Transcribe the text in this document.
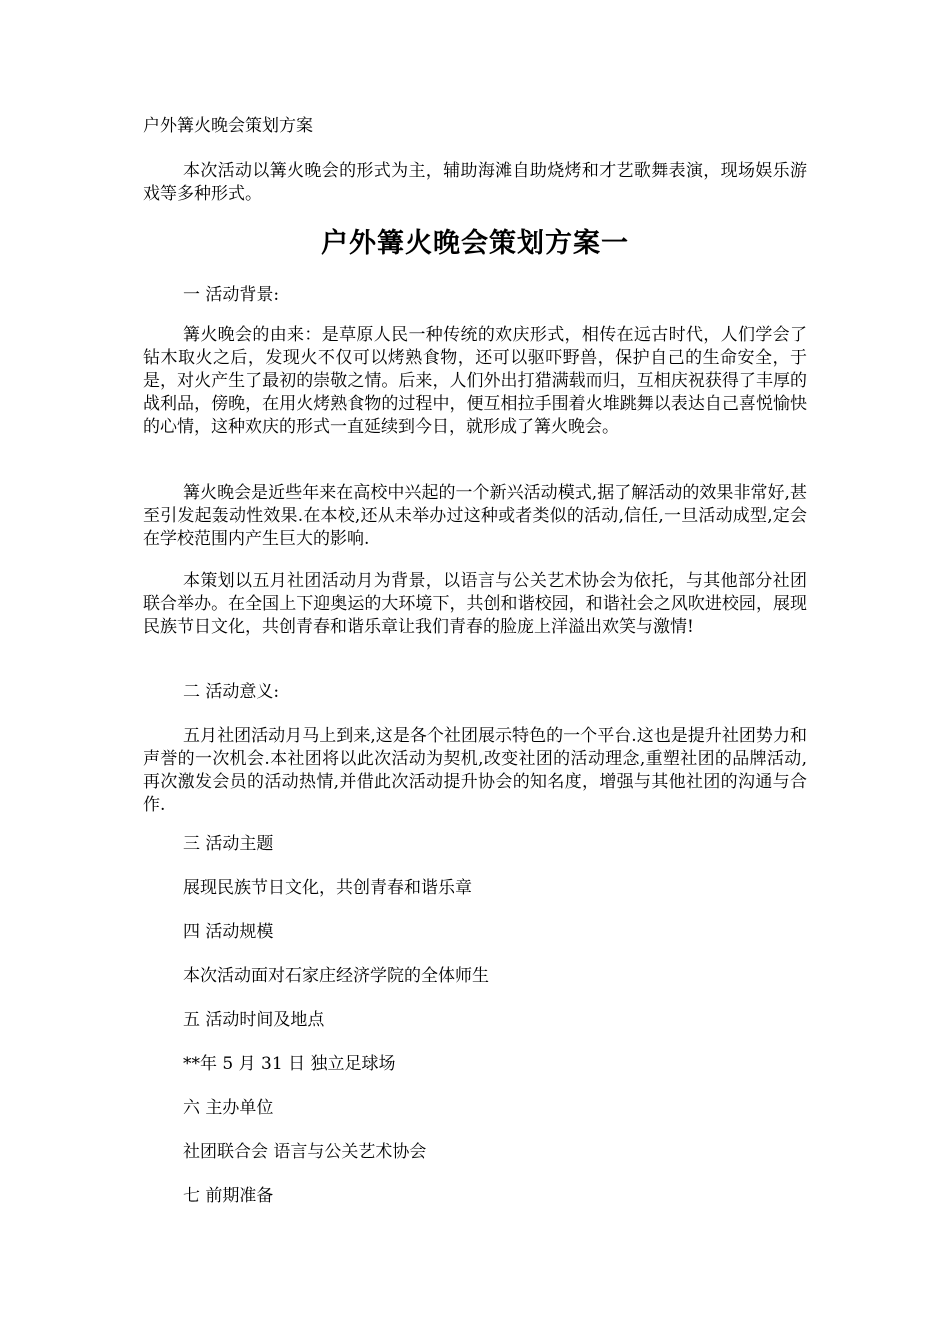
户外篝火晚会策划方案
本次活动以篝火晚会的形式为主，辅助海滩自助烧烤和才艺歌舞表演，现场娱乐游戏等多种形式。
户外篝火晚会策划方案一
一 活动背景:
篝火晚会的由来：是草原人民一种传统的欢庆形式，相传在远古时代，人们学会了钻木取火之后，发现火不仅可以烤熟食物，还可以驱吓野兽，保护自己的生命安全，于是，对火产生了最初的崇敬之情。后来，人们外出打猎满载而归，互相庆祝获得了丰厚的战利品，傍晚，在用火烤熟食物的过程中，便互相拉手围着火堆跳舞以表达自己喜悦愉快的心情，这种欢庆的形式一直延续到今日，就形成了篝火晚会。
篝火晚会是近些年来在高校中兴起的一个新兴活动模式,据了解活动的效果非常好,甚至引发起轰动性效果.在本校,还从未举办过这种或者类似的活动,信任,一旦活动成型,定会在学校范围内产生巨大的影响.
本策划以五月社团活动月为背景，以语言与公关艺术协会为依托，与其他部分社团联合举办。在全国上下迎奥运的大环境下，共创和谐校园，和谐社会之风吹进校园，展现民族节日文化，共创青春和谐乐章让我们青春的脸庞上洋溢出欢笑与激情!
二 活动意义:
五月社团活动月马上到来,这是各个社团展示特色的一个平台.这也是提升社团势力和声誉的一次机会.本社团将以此次活动为契机,改变社团的活动理念,重塑社团的品牌活动,再次激发会员的活动热情,并借此次活动提升协会的知名度，增强与其他社团的沟通与合作.
三 活动主题
展现民族节日文化，共创青春和谐乐章
四 活动规模
本次活动面对石家庄经济学院的全体师生
五 活动时间及地点
**年 5 月 31 日 独立足球场
六 主办单位
社团联合会 语言与公关艺术协会
七 前期准备
